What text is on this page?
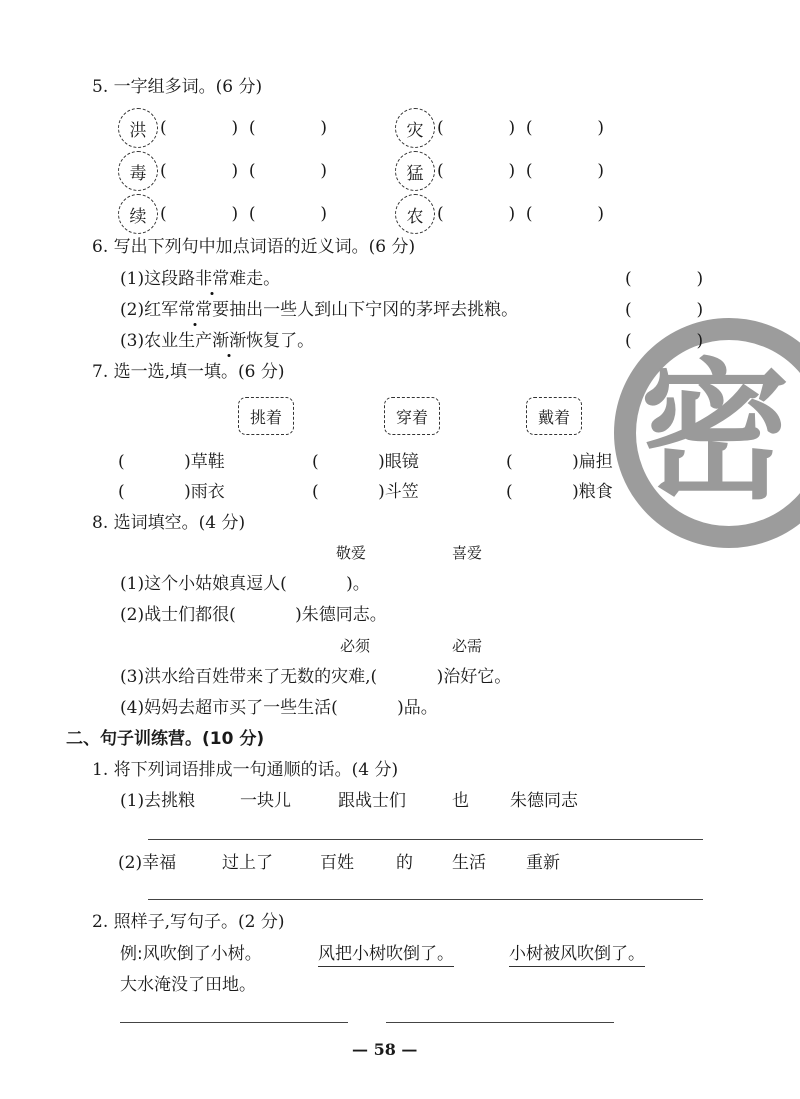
密
5. 一字组多词。(6 分)
洪 (            )  (            )	灾 (            )  (            )
毒 (            )  (            )	猛 (            )  (            )
续 (            )  (            )	农 (            )  (            )
6. 写出下列句中加点词语的近义词。(6 分)
(1)这段路非常难走。	(            )
(2)红军常常要抽出一些人到山下宁冈的茅坪去挑粮。	(            )
(3)农业生产渐渐恢复了。	(            )
7. 选一选,填一填。(6 分)
挑着	穿着	戴着
(           )草鞋	(           )眼镜	(           )扁担
(           )雨衣	(           )斗笠	(           )粮食
8. 选词填空。(4 分)
敬爱	喜爱
(1)这个小姑娘真逗人(	)。
(2)战士们都很(	)朱德同志。
必须	必需
(3)洪水给百姓带来了无数的灾难,(	)治好它。
(4)妈妈去超市买了一些生活(	)品。
二、句子训练营。(10 分)
1. 将下列词语排成一句通顺的话。(4 分)
(1)去挑粮	一块儿	跟战士们	也 朱德同志
(2)幸福	过上了	百姓 的 生活 重新
2. 照样子,写句子。(2 分)
例:风吹倒了小树。	风把小树吹倒了。	小树被风吹倒了。
大水淹没了田地。
— 58 —
